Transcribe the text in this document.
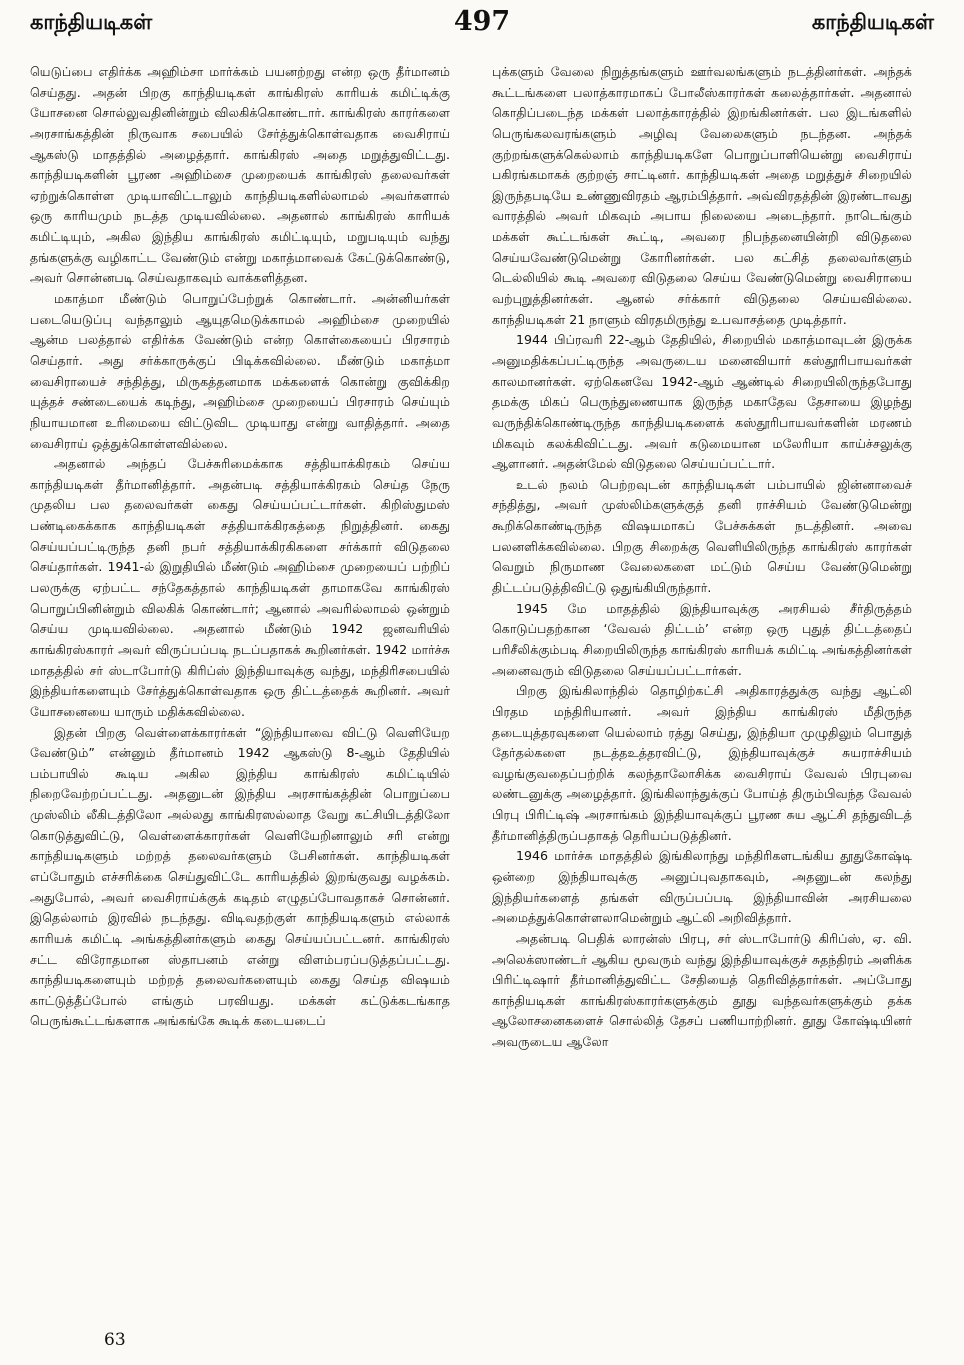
காந்தியடிகள்	497	காந்தியடிகள்

யெடுப்பை எதிர்க்க அஹிம்சா மார்க்கம் பயனற்றது என்ற ஒரு தீர்மானம் செய்தது. அதன் பிறகு காந்தியடிகள் காங்கிரஸ் காரியக் கமிட்டிக்கு யோசனை சொல்லுவதினின்றும் விலகிக்கொண்டார். காங்கிரஸ் காரர்களை அரசாங்கத்தின் நிருவாக சபையில் சேர்த்துக்கொள்வதாக வைசிராய் ஆகஸ்டு மாதத்தில் அழைத்தார். காங்கிரஸ் அதை மறுத்துவிட்டது. காந்தியடிகளின் பூரண அஹிம்சை முறையைக் காங்கிரஸ் தலைவர்கள் ஏற்றுக்கொள்ள முடியாவிட்டாலும் காந்தியடிகளில்லாமல் அவர்களால் ஒரு காரியமும் நடத்த முடியவில்லை. அதனால் காங்கிரஸ் காரியக் கமிட்டியும், அகில இந்திய காங்கிரஸ் கமிட்டியும், மறுபடியும் வந்து தங்களுக்கு வழிகாட்ட வேண்டும் என்று மகாத்மாவைக் கேட்டுக்கொண்டு, அவர் சொன்னபடி செய்வதாகவும் வாக்களித்தன.

மகாத்மா மீண்டும் பொறுப்பேற்றுக் கொண்டார். அன்னியர்கள் படையெடுப்பு வந்தாலும் ஆயுதமெடுக்காமல் அஹிம்சை முறையில் ஆன்ம பலத்தால் எதிர்க்க வேண்டும் என்ற கொள்கையைப் பிரசாரம் செய்தார். அது சர்க்காருக்குப் பிடிக்கவில்லை. மீண்டும் மகாத்மா வைசிராயைச் சந்தித்து, மிருகத்தனமாக மக்களைக் கொன்று குவிக்கிற யுத்தச் சண்டையைக் கடிந்து, அஹிம்சை முறையைப் பிரசாரம் செய்யும் நியாயமான உரிமையை விட்டுவிட முடியாது என்று வாதித்தார். அதை வைசிராய் ஒத்துக்கொள்ளவில்லை.

அதனால் அந்தப் பேச்சுரிமைக்காக சத்தியாக்கிரகம் செய்ய காந்தியடிகள் தீர்மானித்தார். அதன்படி சத்தியாக்கிரகம் செய்த நேரு முதலிய பல தலைவர்கள் கைது செய்யப்பட்டார்கள். கிறிஸ்துமஸ் பண்டிகைக்காக காந்தியடிகள் சத்தியாக்கிரகத்தை நிறுத்தினர். கைது செய்யப்பட்டிருந்த தனி நபர் சத்தியாக்கிரகிகளை சர்க்கார் விடுதலை செய்தார்கள். 1941-ல் இறுதியில் மீண்டும் அஹிம்சை முறையைப் பற்றிப் பலருக்கு ஏற்பட்ட சந்தேகத்தால் காந்தியடிகள் தாமாகவே காங்கிரஸ் பொறுப்பினின்றும் விலகிக் கொண்டார்; ஆனால் அவரில்லாமல் ஒன்றும் செய்ய முடியவில்லை. அதனால் மீண்டும் 1942 ஜனவரியில் காங்கிரஸ்காரர் அவர் விருப்பப்படி நடப்பதாகக் கூறினர்கள். 1942 மார்ச்சு மாதத்தில் சர் ஸ்டாபோர்டு கிரிப்ஸ் இந்தியாவுக்கு வந்து, மந்திரிசபையில் இந்தியர்களையும் சேர்த்துக்கொள்வதாக ஒரு திட்டத்தைக் கூறினர். அவர் யோசனையை யாரும் மதிக்கவில்லை.

இதன் பிறகு வெள்ளைக்காரர்கள் “இந்தியாவை விட்டு வெளியேற வேண்டும்” என்னும் தீர்மானம் 1942 ஆகஸ்டு 8-ஆம் தேதியில் பம்பாயில் கூடிய அகில இந்திய காங்கிரஸ் கமிட்டியில் நிறைவேற்றப்பட்டது. அதனுடன் இந்திய அரசாங்கத்தின் பொறுப்பை முஸ்லிம் லீகிடத்திலோ அல்லது காங்கிரஸல்லாத வேறு கட்சியிடத்திலோ கொடுத்துவிட்டு, வெள்ளைக்காரர்கள் வெளியேறினாலும் சரி என்று காந்தியடிகளும் மற்றத் தலைவர்களும் பேசினர்கள். காந்தியடிகள் எப்போதும் எச்சரிக்கை செய்துவிட்டே காரியத்தில் இறங்குவது வழக்கம். அதுபோல், அவர் வைசிராய்க்குக் கடிதம் எழுதப்போவதாகச் சொன்னர். இதெல்லாம் இரவில் நடந்தது. விடிவதற்குள் காந்தியடிகளும் எல்லாக் காரியக் கமிட்டி அங்கத்தினர்களும் கைது செய்யப்பட்டனர். காங்கிரஸ் சட்ட விரோதமான ஸ்தாபனம் என்று விளம்பரப்படுத்தப்பட்டது. காந்தியடிகளையும் மற்றத் தலைவர்களையும் கைது செய்த விஷயம் காட்டுத்தீப்போல் எங்கும் பரவியது. மக்கள் கட்டுக்கடங்காத பெருங்கூட்டங்களாக அங்கங்கே கூடிக் கடையடைப்

புக்களும் வேலை நிறுத்தங்களும் ஊர்வலங்களும் நடத்தினர்கள். அந்தக் கூட்டங்களை பலாத்காரமாகப் போலீஸ்காரர்கள் கலைத்தார்கள். அதனால் கொதிப்படைந்த மக்கள் பலாத்காரத்தில் இறங்கினர்கள். பல இடங்களில் பெருங்கலவரங்களும் அழிவு வேலைகளும் நடந்தன. அந்தக் குற்றங்களுக்கெல்லாம் காந்தியடிகளே பொறுப்பாளியென்று வைசிராய் பகிரங்கமாகக் குற்றஞ் சாட்டினர். காந்தியடிகள் அதை மறுத்துச் சிறையில் இருந்தபடியே உண்ணுவிரதம் ஆரம்பித்தார். அவ்விரதத்தின் இரண்டாவது வாரத்தில் அவர் மிகவும் அபாய நிலையை அடைந்தார். நாடெங்கும் மக்கள் கூட்டங்கள் கூட்டி, அவரை நிபந்தனையின்றி விடுதலை செய்யவேண்டுமென்று கோரினர்கள். பல கட்சித் தலைவர்களும் டெல்லியில் கூடி அவரை விடுதலை செய்ய வேண்டுமென்று வைசிராயை வற்புறுத்தினர்கள். ஆனல் சர்க்கார் விடுதலை செய்யவில்லை. காந்தியடிகள் 21 நாளும் விரதமிருந்து உபவாசத்தை முடித்தார்.

1944 பிப்ரவரி 22-ஆம் தேதியில், சிறையில் மகாத்மாவுடன் இருக்க அனுமதிக்கப்பட்டிருந்த அவருடைய மனைவியார் கஸ்தூரிபாயவர்கள் காலமானர்கள். ஏற்கெனவே 1942-ஆம் ஆண்டில் சிறையிலிருந்தபோது தமக்கு மிகப் பெருந்துணையாக இருந்த மகாதேவ தேசாயை இழந்து வருந்திக்கொண்டிருந்த காந்தியடிகளைக் கஸ்தூரிபாயவர்களின் மரணம் மிகவும் கலக்கிவிட்டது. அவர் கடுமையான மலேரியா காய்ச்சலுக்கு ஆளானர். அதன்மேல் விடுதலை செய்யப்பட்டார்.

உடல் நலம் பெற்றவுடன் காந்தியடிகள் பம்பாயில் ஜின்னாவைச் சந்தித்து, அவர் முஸ்லிம்களுக்குத் தனி ராச்சியம் வேண்டுமென்று கூறிக்கொண்டிருந்த விஷயமாகப் பேச்சுக்கள் நடத்தினர். அவை பலனளிக்கவில்லை. பிறகு சிறைக்கு வெளியிலிருந்த காங்கிரஸ் காரர்கள் வெறும் நிருமாண வேலைகளை மட்டும் செய்ய வேண்டுமென்று திட்டப்படுத்திவிட்டு ஒதுங்கியிருந்தார்.

1945 மே மாதத்தில் இந்தியாவுக்கு அரசியல் சீர்திருத்தம் கொடுப்பதற்கான ‘வேவல் திட்டம்’ என்ற ஒரு புதுத் திட்டத்தைப் பரிசீலிக்கும்படி சிறையிலிருந்த காங்கிரஸ் காரியக் கமிட்டி அங்கத்தினர்கள் அனைவரும் விடுதலை செய்யப்பட்டார்கள்.

பிறகு இங்கிலாந்தில் தொழிற்கட்சி அதிகாரத்துக்கு வந்து ஆட்லி பிரதம மந்திரியானர். அவர் இந்திய காங்கிரஸ் மீதிருந்த தடையுத்தரவுகளை யெல்லாம் ரத்து செய்து, இந்தியா முழுதிலும் பொதுத் தேர்தல்களை நடத்தஉத்தரவிட்டு, இந்தியாவுக்குச் சுயராச்சியம் வழங்குவதைப்பற்றிக் கலந்தாலோசிக்க வைசிராய் வேவல் பிரபுவை லண்டனுக்கு அழைத்தார். இங்கிலாந்துக்குப் போய்த் திரும்பிவந்த வேவல் பிரபு பிரிட்டிஷ் அரசாங்கம் இந்தியாவுக்குப் பூரண சுய ஆட்சி தந்துவிடத் தீர்மானித்திருப்பதாகத் தெரியப்படுத்தினர்.

1946 மார்ச்சு மாதத்தில் இங்கிலாந்து மந்திரிகளடங்கிய தூதுகோஷ்டி ஒன்றை இந்தியாவுக்கு அனுப்புவதாகவும், அதனுடன் கலந்து இந்தியர்களைத் தங்கள் விருப்பப்படி இந்தியாவின் அரசியலை அமைத்துக்கொள்ளலாமென்றும் ஆட்லி அறிவித்தார்.

அதன்படி பெதிக் லாரன்ஸ் பிரபு, சர் ஸ்டாபோர்டு கிரிப்ஸ், ஏ. வி. அலெக்ஸாண்டர் ஆகிய மூவரும் வந்து இந்தியாவுக்குச் சுதந்திரம் அளிக்க பிரிட்டிஷார் தீர்மானித்துவிட்ட சேதியைத் தெரிவித்தார்கள். அப்போது காந்தியடிகள் காங்கிரஸ்காரர்களுக்கும் தூது வந்தவர்களுக்கும் தக்க ஆலோசனைகளைச் சொல்லித் தேசப் பணியாற்றினர். தூது கோஷ்டியினர் அவருடைய ஆலோ

63
